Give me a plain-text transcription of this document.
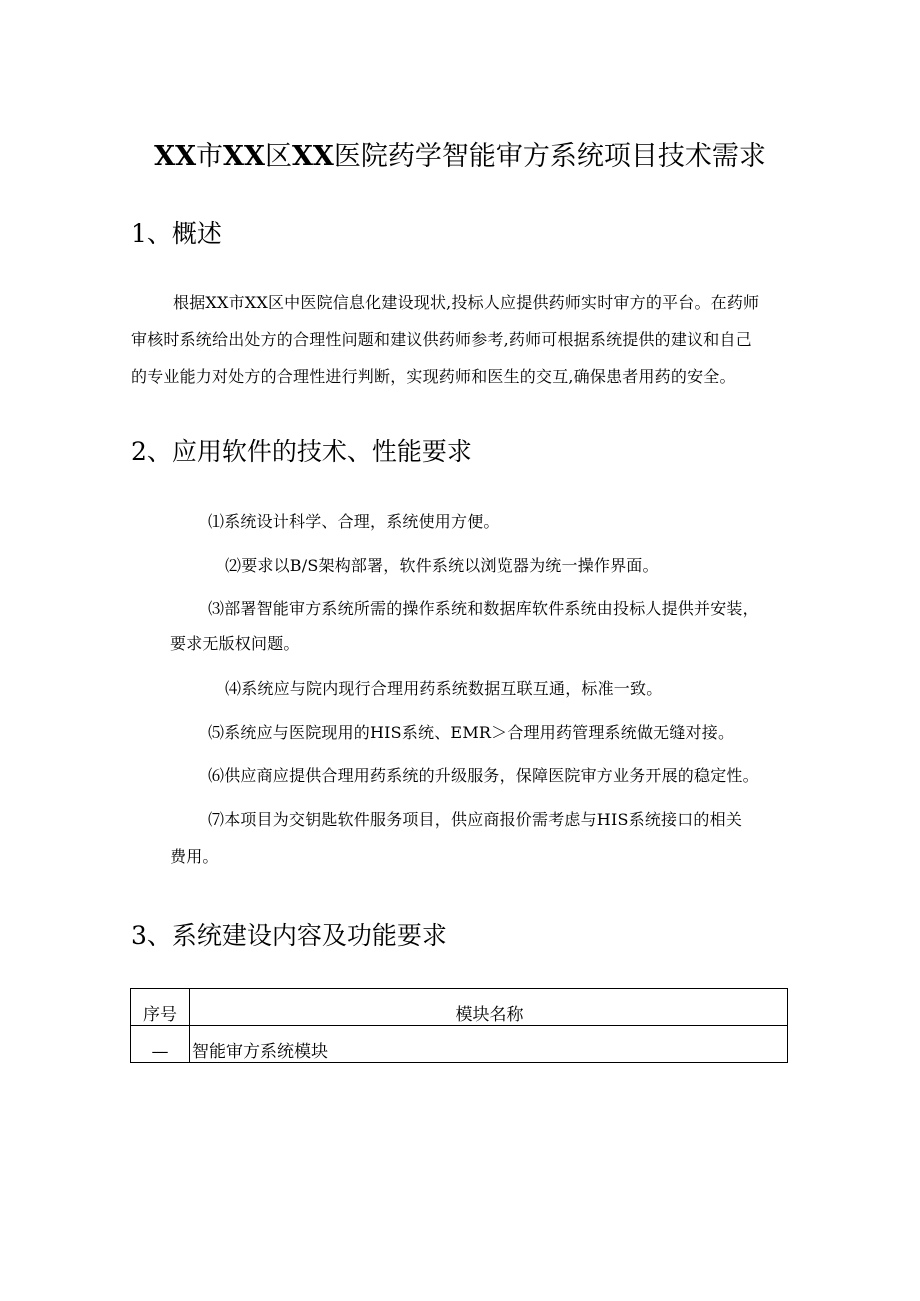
XX市XX区XX医院药学智能审方系统项目技术需求
1、概述
根据XX市XX区中医院信息化建设现状,投标人应提供药师实时审方的平台。在药师
审核时系统给出处方的合理性问题和建议供药师参考,药师可根据系统提供的建议和自己
的专业能力对处方的合理性进行判断，实现药师和医生的交互,确保患者用药的安全。
2、应用软件的技术、性能要求
⑴系统设计科学、合理，系统使用方便。
⑵要求以B/S架构部署，软件系统以浏览器为统一操作界面。
⑶部署智能审方系统所需的操作系统和数据库软件系统由投标人提供并安装，
要求无版权问题。
⑷系统应与院内现行合理用药系统数据互联互通，标准一致。
⑸系统应与医院现用的HIS系统、EMR＞合理用药管理系统做无缝对接。
⑹供应商应提供合理用药系统的升级服务，保障医院审方业务开展的稳定性。
⑺本项目为交钥匙软件服务项目，供应商报价需考虑与HIS系统接口的相关
费用。
3、系统建设内容及功能要求
序号	模块名称
—	智能审方系统模块
